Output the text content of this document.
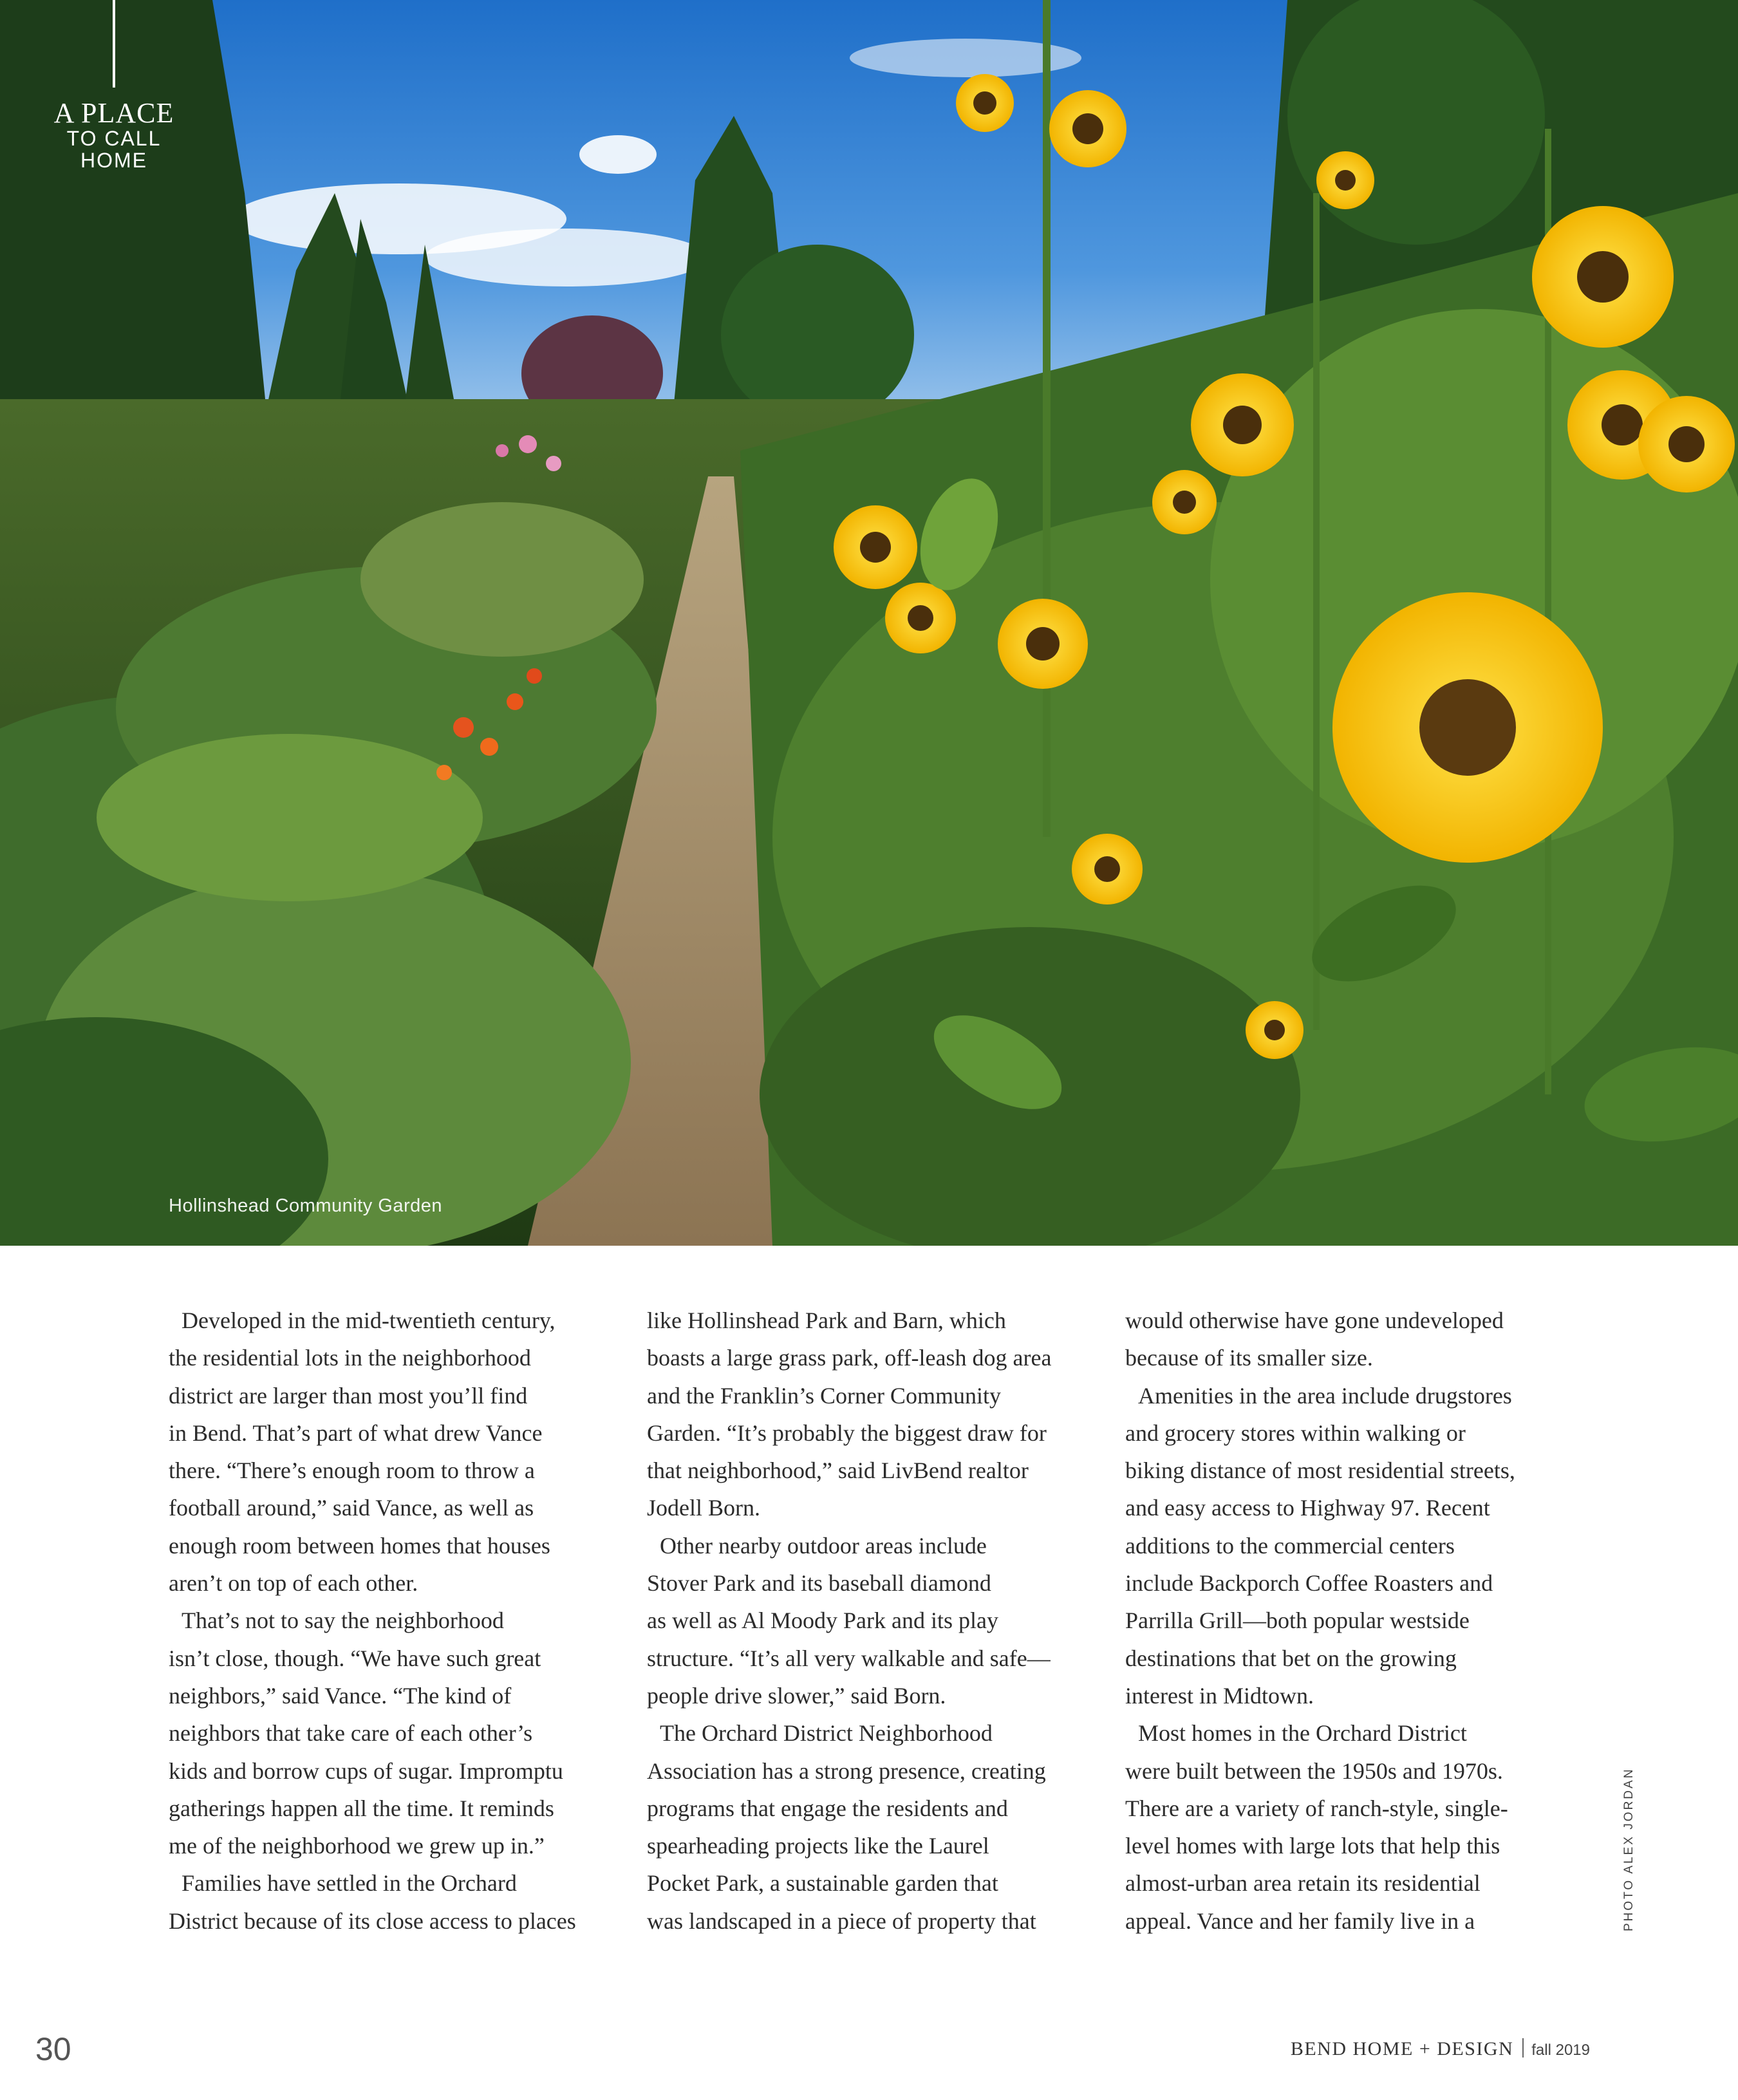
A PLACE
TO CALL
HOME
Hollinshead Community Garden
Developed in the mid-twentieth century,
the residential lots in the neighborhood
district are larger than most you’ll find
in Bend. That’s part of what drew Vance
there. “There’s enough room to throw a
football around,” said Vance, as well as
enough room between homes that houses
aren’t on top of each other.
That’s not to say the neighborhood
isn’t close, though. “We have such great
neighbors,” said Vance. “The kind of
neighbors that take care of each other’s
kids and borrow cups of sugar. Impromptu
gatherings happen all the time. It reminds
me of the neighborhood we grew up in.”
Families have settled in the Orchard
District because of its close access to places
like Hollinshead Park and Barn, which
boasts a large grass park, off-leash dog area
and the Franklin’s Corner Community
Garden. “It’s probably the biggest draw for
that neighborhood,” said LivBend realtor
Jodell Born.
Other nearby outdoor areas include
Stover Park and its baseball diamond
as well as Al Moody Park and its play
structure. “It’s all very walkable and safe—
people drive slower,” said Born.
The Orchard District Neighborhood
Association has a strong presence, creating
programs that engage the residents and
spearheading projects like the Laurel
Pocket Park, a sustainable garden that
was landscaped in a piece of property that
would otherwise have gone undeveloped
because of its smaller size.
Amenities in the area include drugstores
and grocery stores within walking or
biking distance of most residential streets,
and easy access to Highway 97. Recent
additions to the commercial centers
include Backporch Coffee Roasters and
Parrilla Grill—both popular westside
destinations that bet on the growing
interest in Midtown.
Most homes in the Orchard District
were built between the 1950s and 1970s.
There are a variety of ranch-style, single-
level homes with large lots that help this
almost-urban area retain its residential
appeal. Vance and her family live in a	PHOTO ALEX JORDAN
30	BEND HOME + DESIGN fall 2019
